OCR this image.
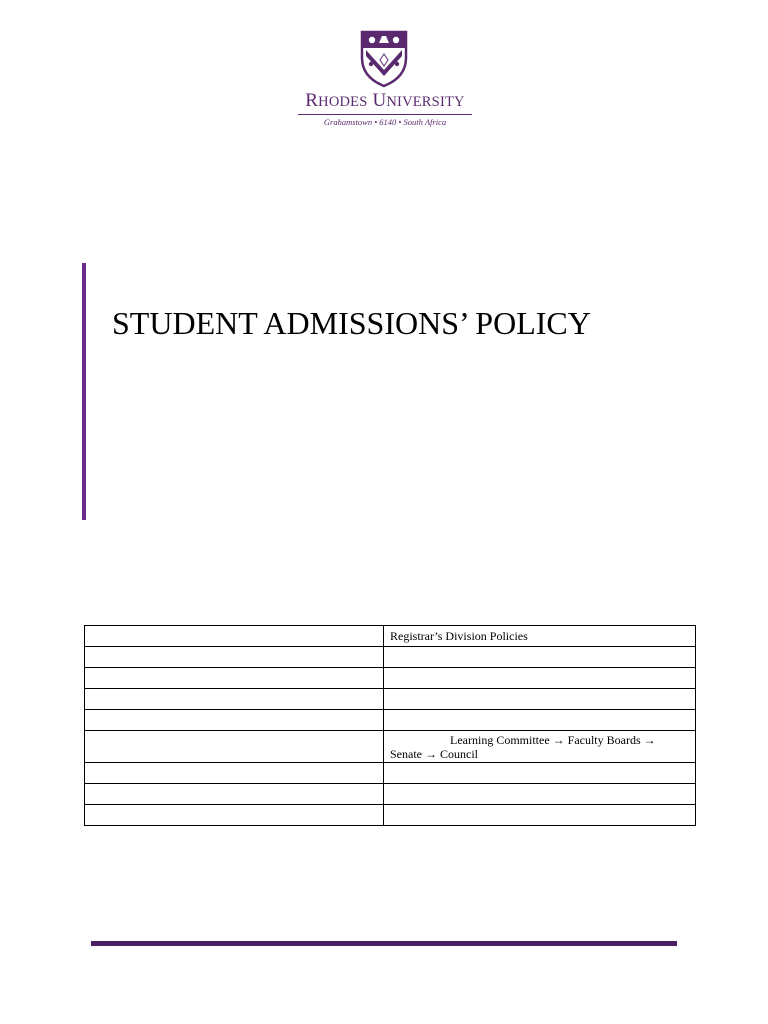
RHODES UNIVERSITY
Grahamstown • 6140 • South Africa
STUDENT ADMISSIONS’ POLICY
	Registrar’s Division Policies

	Learning Committee → Faculty Boards → Senate → Council
